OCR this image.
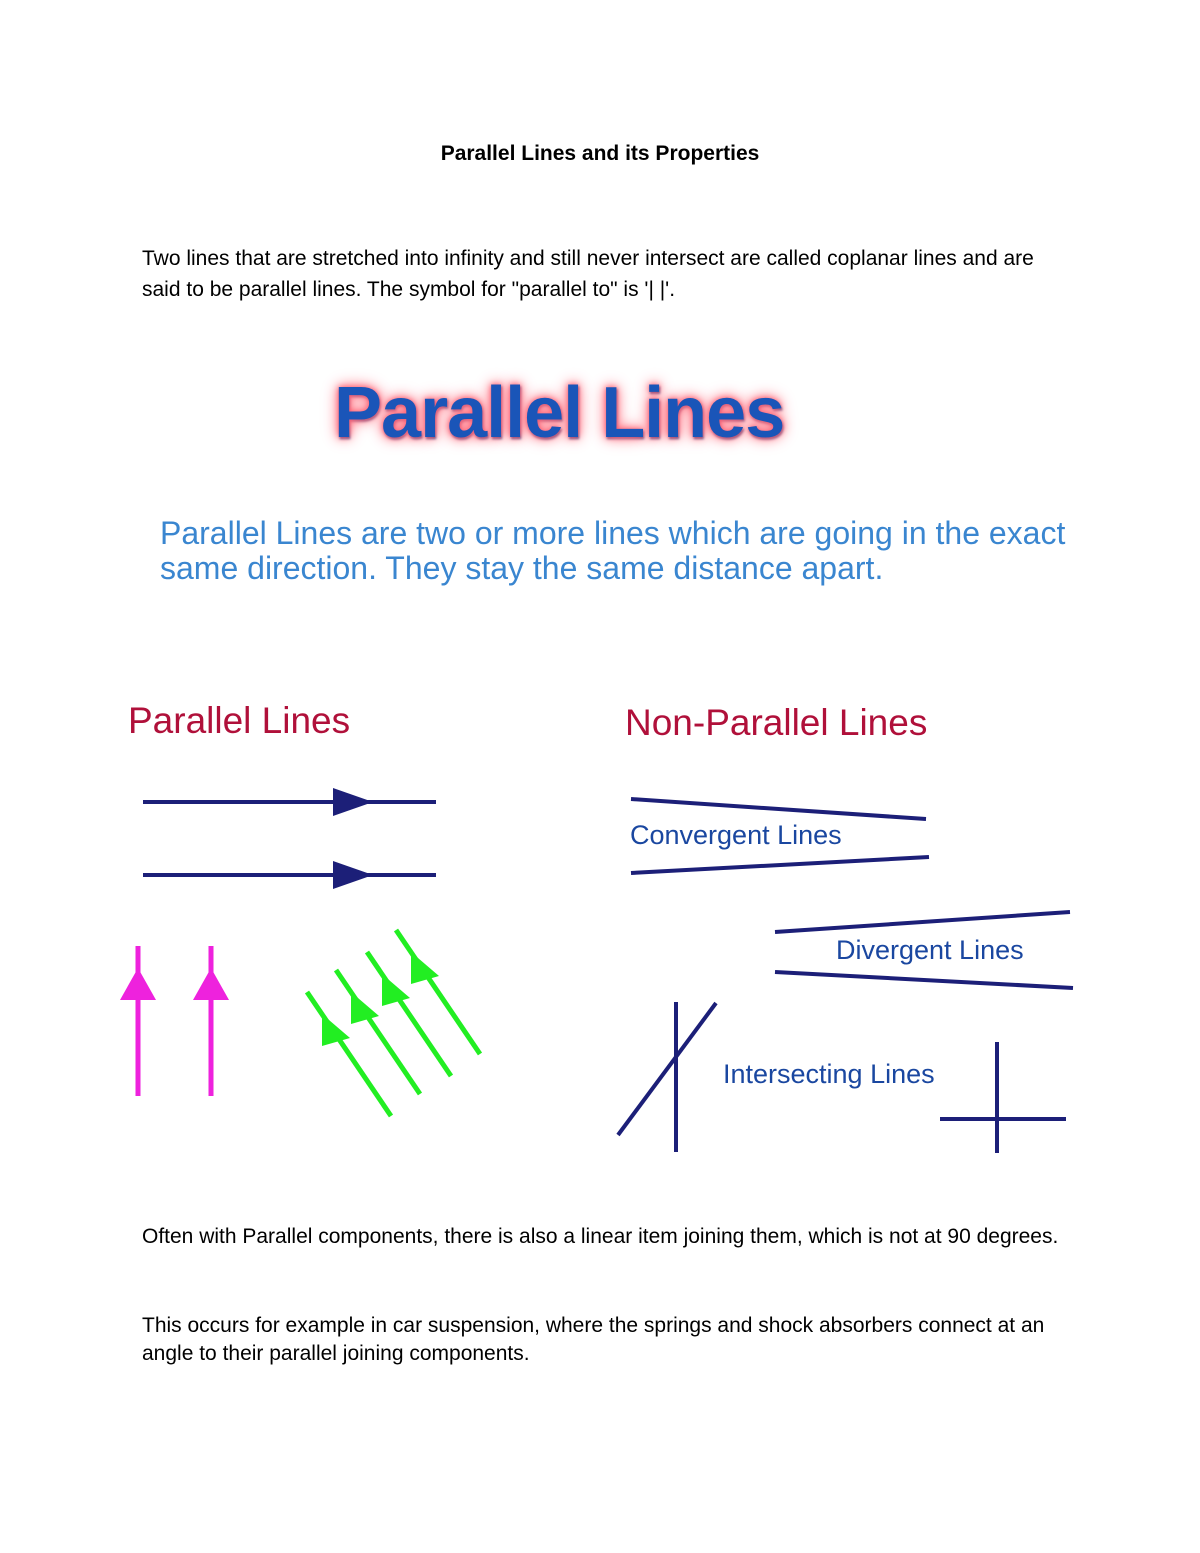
Parallel Lines and its Properties

Two lines that are stretched into infinity and still never intersect are called coplanar lines and are said to be parallel lines. The symbol for "parallel to" is '| |'.

Parallel Lines

Parallel Lines are two or more lines which are going in the exact same direction. They stay the same distance apart.

Parallel Lines	Non-Parallel Lines
Convergent Lines
Divergent Lines
Intersecting Lines

Often with Parallel components, there is also a linear item joining them, which is not at 90 degrees.

This occurs for example in car suspension, where the springs and shock absorbers connect at an angle to their parallel joining components.
